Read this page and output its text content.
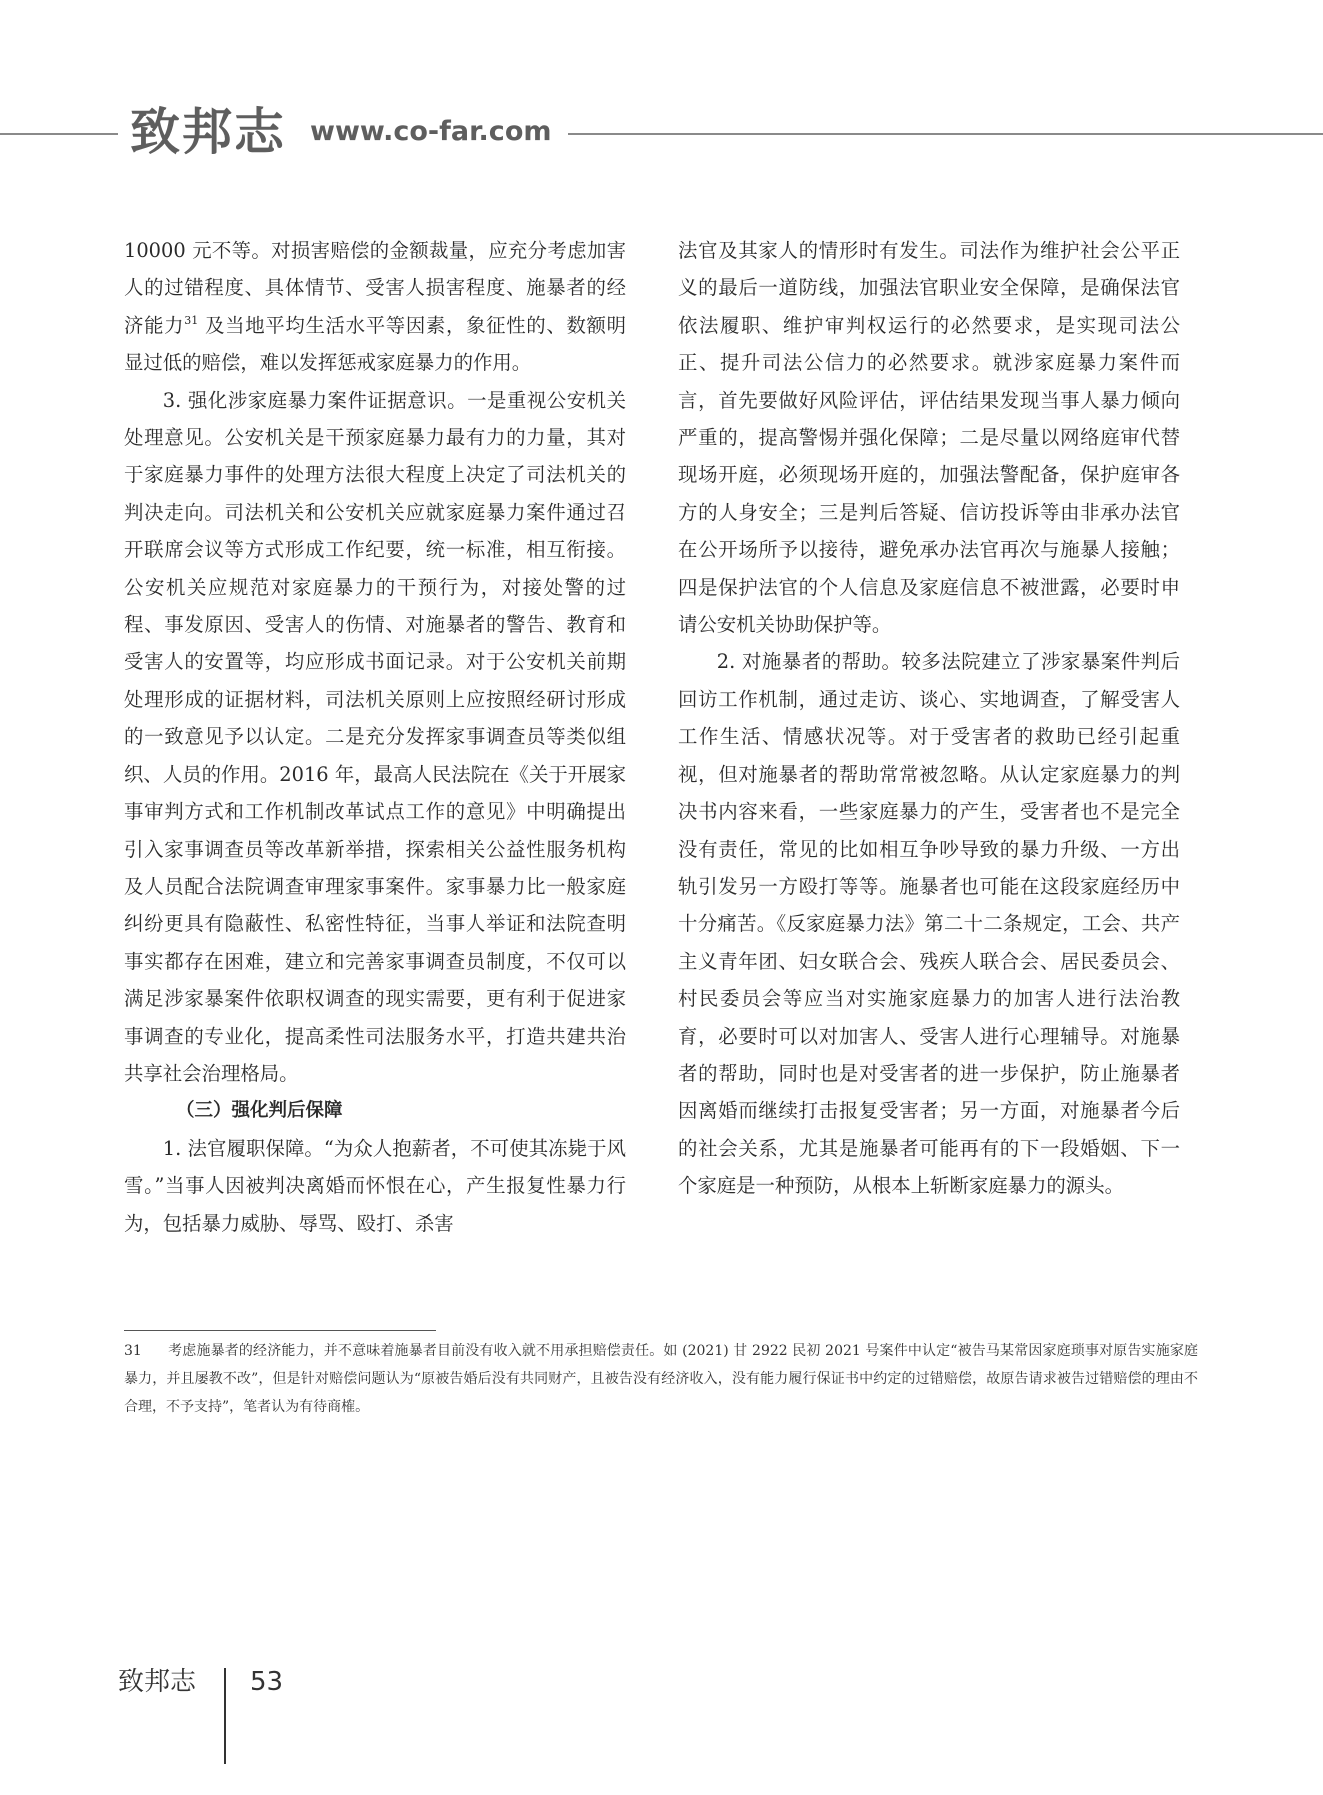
致邦志 www.co-far.com

10000 元不等。对损害赔偿的金额裁量，应充分考虑加害人的过错程度、具体情节、受害人损害程度、施暴者的经济能力$^{31}$ 及当地平均生活水平等因素，象征性的、数额明显过低的赔偿，难以发挥惩戒家庭暴力的作用。

3. 强化涉家庭暴力案件证据意识。一是重视公安机关处理意见。公安机关是干预家庭暴力最有力的力量，其对于家庭暴力事件的处理方法很大程度上决定了司法机关的判决走向。司法机关和公安机关应就家庭暴力案件通过召开联席会议等方式形成工作纪要，统一标准，相互衔接。公安机关应规范对家庭暴力的干预行为，对接处警的过程、事发原因、受害人的伤情、对施暴者的警告、教育和受害人的安置等，均应形成书面记录。对于公安机关前期处理形成的证据材料，司法机关原则上应按照经研讨形成的一致意见予以认定。二是充分发挥家事调查员等类似组织、人员的作用。2016 年，最高人民法院在《关于开展家事审判方式和工作机制改革试点工作的意见》中明确提出引入家事调查员等改革新举措，探索相关公益性服务机构及人员配合法院调查审理家事案件。家事暴力比一般家庭纠纷更具有隐蔽性、私密性特征，当事人举证和法院查明事实都存在困难，建立和完善家事调查员制度，不仅可以满足涉家暴案件依职权调查的现实需要，更有利于促进家事调查的专业化，提高柔性司法服务水平，打造共建共治共享社会治理格局。

（三）强化判后保障

1. 法官履职保障。“为众人抱薪者，不可使其冻毙于风雪。”当事人因被判决离婚而怀恨在心，产生报复性暴力行为，包括暴力威胁、辱骂、殴打、杀害

法官及其家人的情形时有发生。司法作为维护社会公平正义的最后一道防线，加强法官职业安全保障，是确保法官依法履职、维护审判权运行的必然要求，是实现司法公正、提升司法公信力的必然要求。就涉家庭暴力案件而言，首先要做好风险评估，评估结果发现当事人暴力倾向严重的，提高警惕并强化保障；二是尽量以网络庭审代替现场开庭，必须现场开庭的，加强法警配备，保护庭审各方的人身安全；三是判后答疑、信访投诉等由非承办法官在公开场所予以接待，避免承办法官再次与施暴人接触；四是保护法官的个人信息及家庭信息不被泄露，必要时申请公安机关协助保护等。

2. 对施暴者的帮助。较多法院建立了涉家暴案件判后回访工作机制，通过走访、谈心、实地调查，了解受害人工作生活、情感状况等。对于受害者的救助已经引起重视，但对施暴者的帮助常常被忽略。从认定家庭暴力的判决书内容来看，一些家庭暴力的产生，受害者也不是完全没有责任，常见的比如相互争吵导致的暴力升级、一方出轨引发另一方殴打等等。施暴者也可能在这段家庭经历中十分痛苦。《反家庭暴力法》第二十二条规定，工会、共产主义青年团、妇女联合会、残疾人联合会、居民委员会、村民委员会等应当对实施家庭暴力的加害人进行法治教育，必要时可以对加害人、受害人进行心理辅导。对施暴者的帮助，同时也是对受害者的进一步保护，防止施暴者因离婚而继续打击报复受害者；另一方面，对施暴者今后的社会关系，尤其是施暴者可能再有的下一段婚姻、下一个家庭是一种预防，从根本上斩断家庭暴力的源头。

31 考虑施暴者的经济能力，并不意味着施暴者目前没有收入就不用承担赔偿责任。如 (2021) 甘 2922 民初 2021 号案件中认定“被告马某常因家庭琐事对原告实施家庭暴力，并且屡教不改”，但是针对赔偿问题认为“原被告婚后没有共同财产，且被告没有经济收入，没有能力履行保证书中约定的过错赔偿，故原告请求被告过错赔偿的理由不合理，不予支持”，笔者认为有待商榷。
致邦志 53
